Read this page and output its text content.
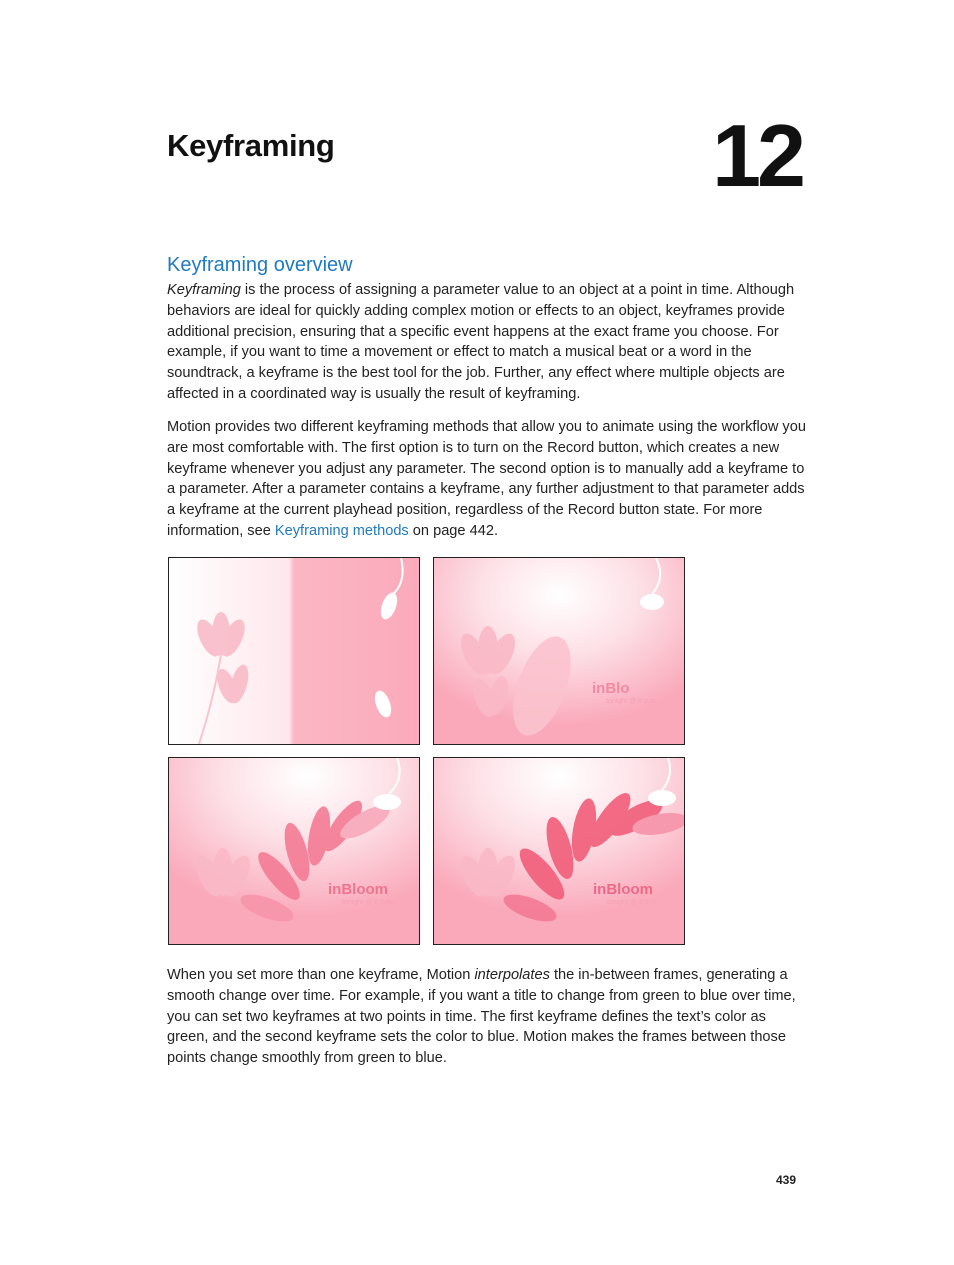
Keyframing	12
Keyframing overview

Keyframing is the process of assigning a parameter value to an object at a point in time. Although behaviors are ideal for quickly adding complex motion or effects to an object, keyframes provide additional precision, ensuring that a specific event happens at the exact frame you choose. For example, if you want to time a movement or effect to match a musical beat or a word in the soundtrack, a keyframe is the best tool for the job. Further, any effect where multiple objects are affected in a coordinated way is usually the result of keyframing.

Motion provides two different keyframing methods that allow you to animate using the workflow you are most comfortable with. The first option is to turn on the Record button, which creates a new keyframe whenever you adjust any parameter. The second option is to manually add a keyframe to a parameter. After a parameter contains a keyframe, any further adjustment to that parameter adds a keyframe at the current playhead position, regardless of the Record button state. For more information, see Keyframing methods on page 442.

inBlo
tonight @ 8 p.m.
inBloom
tonight @ 8 p.m.
inBloom
tonight @ 8 p.m.

When you set more than one keyframe, Motion interpolates the in-between frames, generating a smooth change over time. For example, if you want a title to change from green to blue over time, you can set two keyframes at two points in time. The first keyframe defines the text’s color as green, and the second keyframe sets the color to blue. Motion makes the frames between those points change smoothly from green to blue.

439
